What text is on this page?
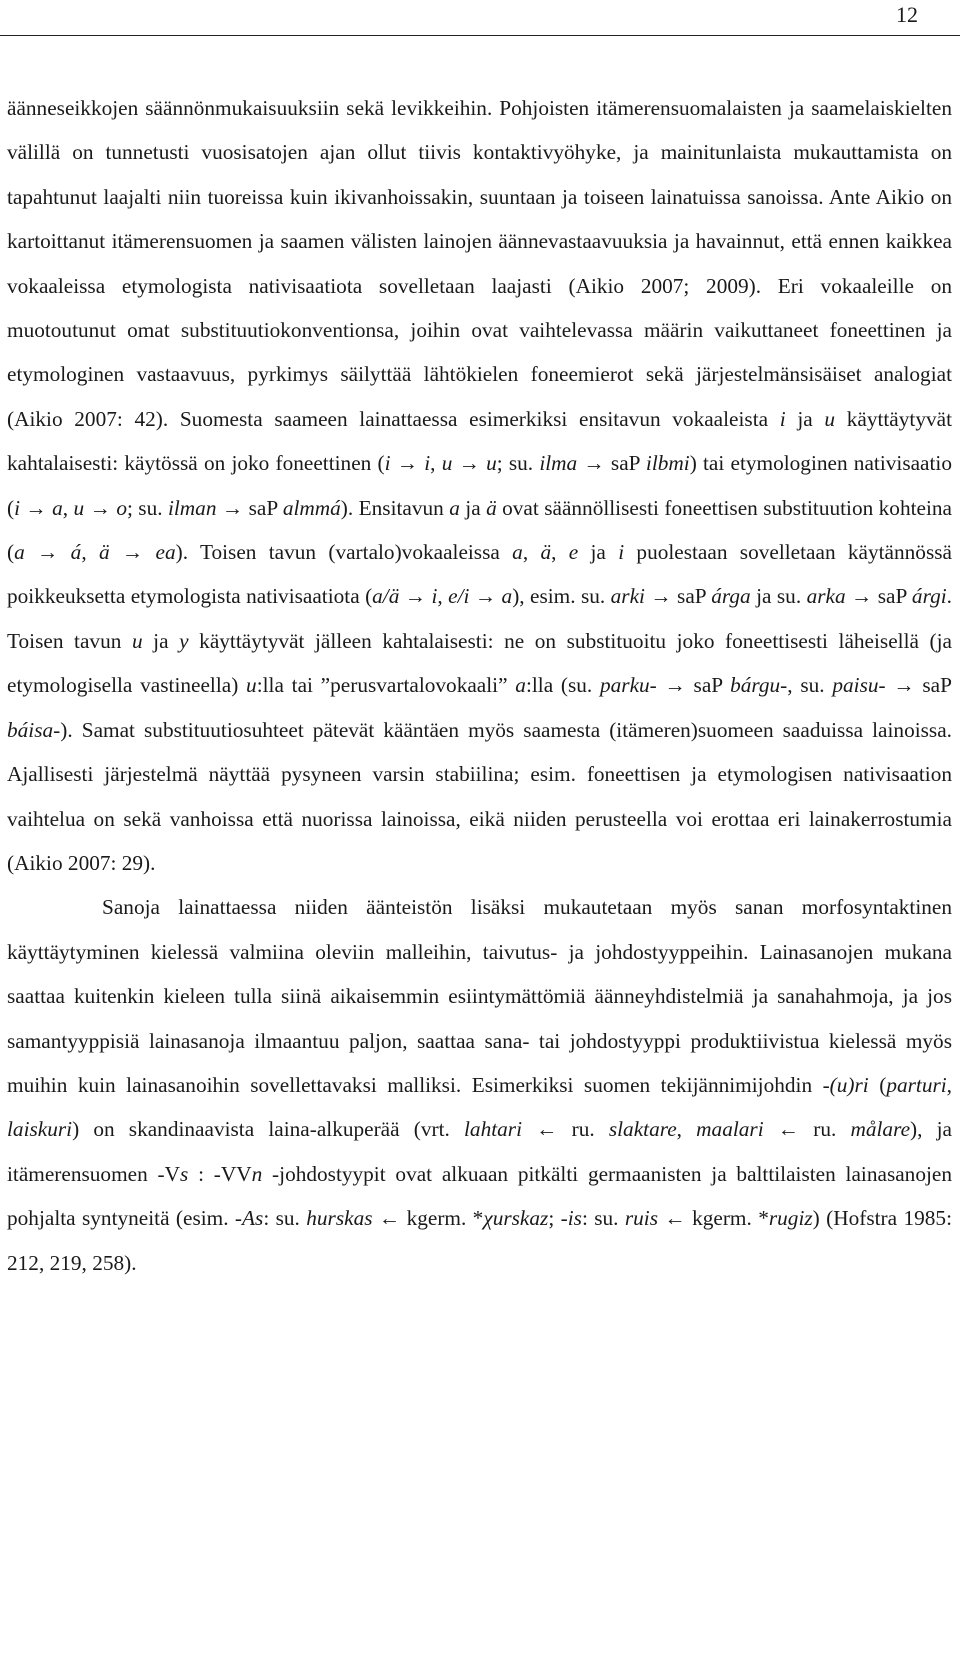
12

äänneseikkojen säännönmukaisuuksiin sekä levikkeihin. Pohjoisten itämerensuomalaisten ja saamelaiskielten välillä on tunnetusti vuosisatojen ajan ollut tiivis kontaktivyöhyke, ja mainitunlaista mukauttamista on tapahtunut laajalti niin tuoreissa kuin ikivanhoissakin, suuntaan ja toiseen lainatuissa sanoissa. Ante Aikio on kartoittanut itämerensuomen ja saamen välisten lainojen äännevastaavuuksia ja havainnut, että ennen kaikkea vokaaleissa etymologista nativisaatiota sovelletaan laajasti (Aikio 2007; 2009). Eri vokaaleille on muotoutunut omat substituutiokonventionsa, joihin ovat vaihtelevassa määrin vaikuttaneet foneettinen ja etymologinen vastaavuus, pyrkimys säilyttää lähtökielen foneemierot sekä järjestelmänsisäiset analogiat (Aikio 2007: 42). Suomesta saameen lainattaessa esimerkiksi ensitavun vokaaleista i ja u käyttäytyvät kahtalaisesti: käytössä on joko foneettinen (i → i, u → u; su. ilma → saP ilbmi) tai etymologinen nativisaatio (i → a, u → o; su. ilman → saP almmá). Ensitavun a ja ä ovat säännöllisesti foneettisen substituution kohteina (a → á, ä → ea). Toisen tavun (vartalo)vokaaleissa a, ä, e ja i puolestaan sovelletaan käytännössä poikkeuksetta etymologista nativisaatiota (a/ä → i, e/i → a), esim. su. arki → saP árga ja su. arka → saP árgi. Toisen tavun u ja y käyttäytyvät jälleen kahtalaisesti: ne on substituoitu joko foneettisesti läheisellä (ja etymologisella vastineella) u:lla tai ”perusvartalovokaali” a:lla (su. parku- → saP bárgu-, su. paisu- → saP báisa-). Samat substituutiosuhteet pätevät kääntäen myös saamesta (itämeren)suomeen saaduissa lainoissa. Ajallisesti järjestelmä näyttää pysyneen varsin stabiilina; esim. foneettisen ja etymologisen nativisaation vaihtelua on sekä vanhoissa että nuorissa lainoissa, eikä niiden perusteella voi erottaa eri lainakerrostumia (Aikio 2007: 29).

Sanoja lainattaessa niiden äänteistön lisäksi mukautetaan myös sanan morfosyntaktinen käyttäytyminen kielessä valmiina oleviin malleihin, taivutus- ja johdostyyppeihin. Lainasanojen mukana saattaa kuitenkin kieleen tulla siinä aikaisemmin esiintymättömiä äänneyhdistelmiä ja sanahahmoja, ja jos samantyyppisiä lainasanoja ilmaantuu paljon, saattaa sana- tai johdostyyppi produktiivistua kielessä myös muihin kuin lainasanoihin sovellettavaksi malliksi. Esimerkiksi suomen tekijännimijohdin -(u)ri (parturi, laiskuri) on skandinaavista laina-alkuperää (vrt. lahtari ← ru. slaktare, maalari ← ru. målare), ja itämerensuomen -Vs : -VVn -johdostyypit ovat alkuaan pitkälti germaanisten ja balttilaisten lainasanojen pohjalta syntyneitä (esim. -As: su. hurskas ← kgerm. *χurskaz; -is: su. ruis ← kgerm. *rugiz) (Hofstra 1985: 212, 219, 258).
